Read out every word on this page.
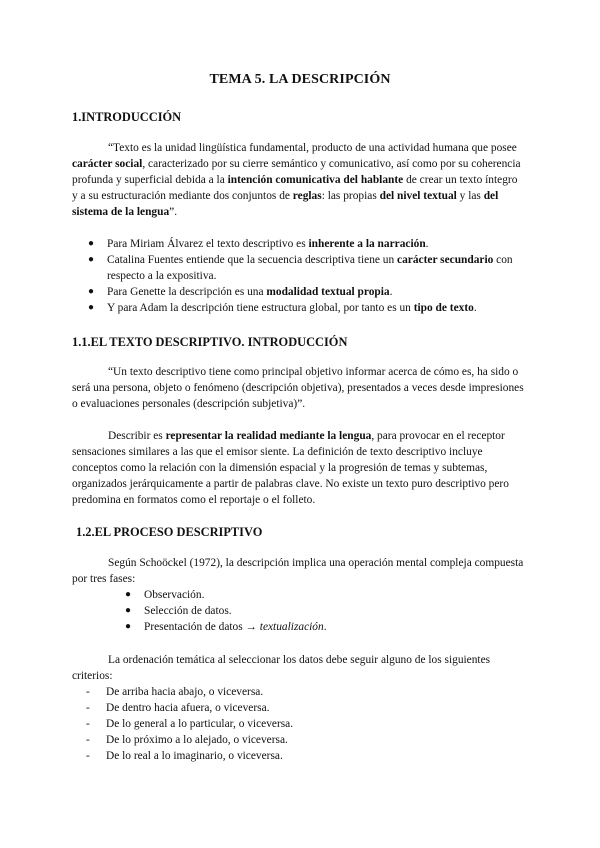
TEMA 5. LA DESCRIPCIÓN
1.INTRODUCCIÓN

“Texto es la unidad lingüística fundamental, producto de una actividad humana que posee carácter social, caracterizado por su cierre semántico y comunicativo, así como por su coherencia profunda y superficial debida a la intención comunicativa del hablante de crear un texto íntegro y a su estructuración mediante dos conjuntos de reglas: las propias del nivel textual y las del sistema de la lengua”.

● Para Miriam Álvarez el texto descriptivo es inherente a la narración.
● Catalina Fuentes entiende que la secuencia descriptiva tiene un carácter secundario con respecto a la expositiva.
● Para Genette la descripción es una modalidad textual propia.
● Y para Adam la descripción tiene estructura global, por tanto es un tipo de texto.
1.1.EL TEXTO DESCRIPTIVO. INTRODUCCIÓN

“Un texto descriptivo tiene como principal objetivo informar acerca de cómo es, ha sido o será una persona, objeto o fenómeno (descripción objetiva), presentados a veces desde impresiones o evaluaciones personales (descripción subjetiva)”.

Describir es representar la realidad mediante la lengua, para provocar en el receptor sensaciones similares a las que el emisor siente. La definición de texto descriptivo incluye conceptos como la relación con la dimensión espacial y la progresión de temas y subtemas, organizados jerárquicamente a partir de palabras clave. No existe un texto puro descriptivo pero predomina en formatos como el reportaje o el folleto.

1.2.EL PROCESO DESCRIPTIVO

Según Schoöckel (1972), la descripción implica una operación mental compleja compuesta por tres fases:

● Observación.
● Selección de datos.
● Presentación de datos → textualización.

La ordenación temática al seleccionar los datos debe seguir alguno de los siguientes criterios:

- De arriba hacia abajo, o viceversa.
- De dentro hacia afuera, o viceversa.
- De lo general a lo particular, o viceversa.
- De lo próximo a lo alejado, o viceversa.
- De lo real a lo imaginario, o viceversa.
